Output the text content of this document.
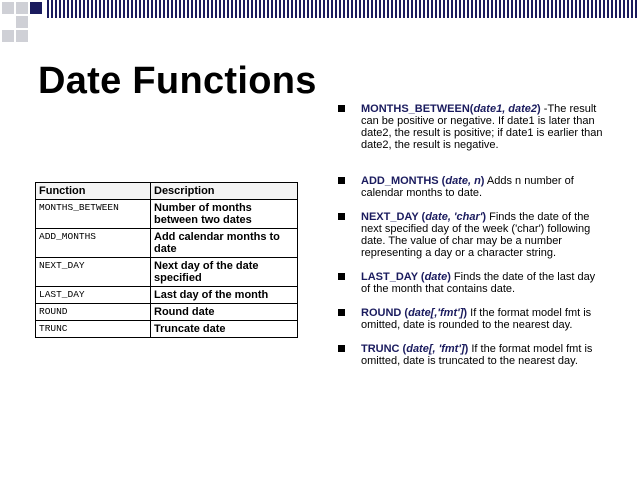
Date Functions
Function	Description
MONTHS_BETWEEN	Number of months between two dates
ADD_MONTHS	Add calendar months to date
NEXT_DAY	Next day of the date specified
LAST_DAY	Last day of the month
ROUND	Round date
TRUNC	Truncate date
MONTHS_BETWEEN(date1, date2) -The result can be positive or negative. If date1 is later than date2, the result is positive; if date1 is earlier than date2, the result is negative.
ADD_MONTHS (date, n) Adds n number of calendar months to date.
NEXT_DAY (date, 'char') Finds the date of the next specified day of the week ('char') following date. The value of char may be a number representing a day or a character string.
LAST_DAY (date) Finds the date of the last day of the month that contains date.
ROUND (date[,'fmt']) If the format model fmt is omitted, date is rounded to the nearest day.
TRUNC (date[, 'fmt']) If the format model fmt is omitted, date is truncated to the nearest day.
